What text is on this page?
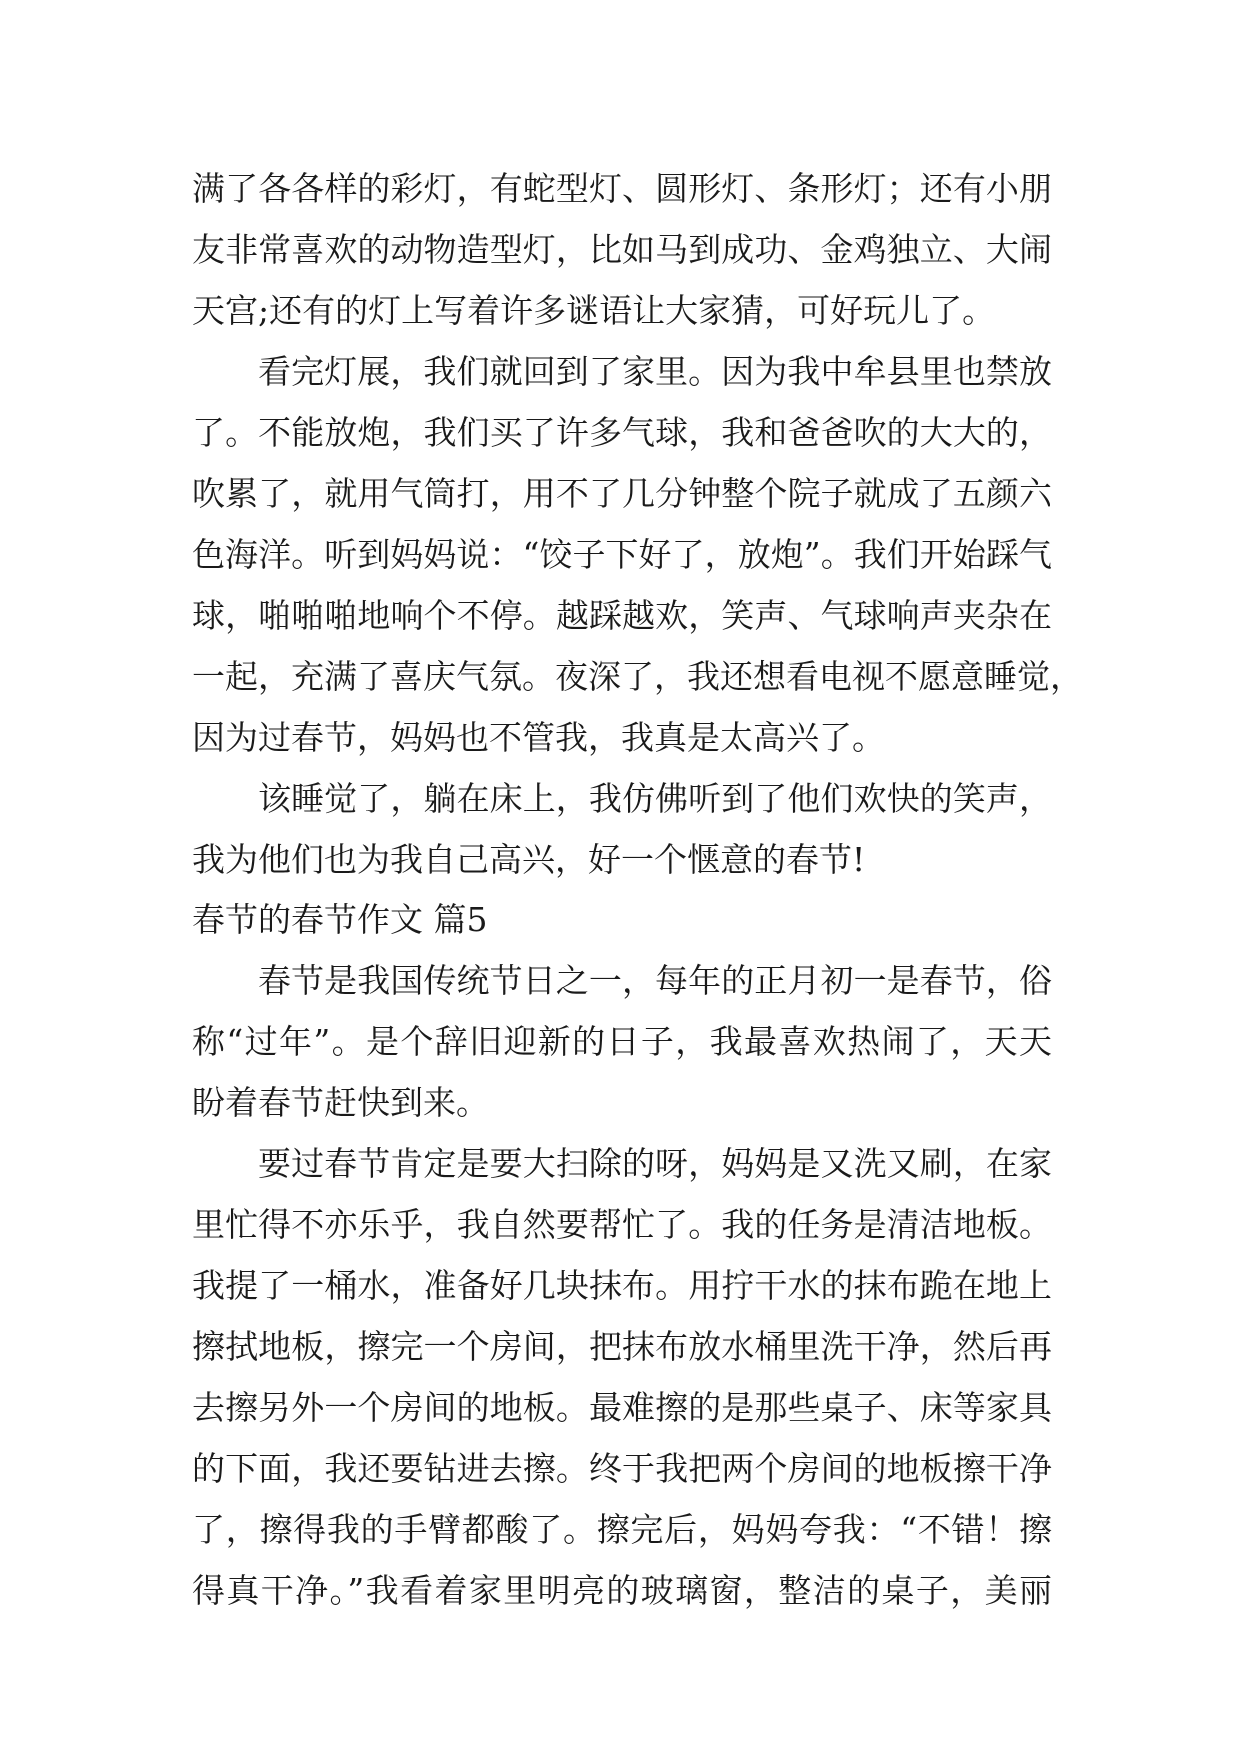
满了各各样的彩灯，有蛇型灯、圆形灯、条形灯；还有小朋
友非常喜欢的动物造型灯，比如马到成功、金鸡独立、大闹
天宫;还有的灯上写着许多谜语让大家猜，可好玩儿了。
看完灯展，我们就回到了家里。因为我中牟县里也禁放
了。不能放炮，我们买了许多气球，我和爸爸吹的大大的，
吹累了，就用气筒打，用不了几分钟整个院子就成了五颜六
色海洋。听到妈妈说：“饺子下好了，放炮”。我们开始踩气
球，啪啪啪地响个不停。越踩越欢，笑声、气球响声夹杂在
一起，充满了喜庆气氛。夜深了，我还想看电视不愿意睡觉，
因为过春节，妈妈也不管我，我真是太高兴了。
该睡觉了，躺在床上，我仿佛听到了他们欢快的笑声，
我为他们也为我自己高兴，好一个惬意的春节!
春节的春节作文 篇5
春节是我国传统节日之一，每年的正月初一是春节，俗
称“过年”。是个辞旧迎新的日子，我最喜欢热闹了，天天
盼着春节赶快到来。
要过春节肯定是要大扫除的呀，妈妈是又洗又刷，在家
里忙得不亦乐乎，我自然要帮忙了。我的任务是清洁地板。
我提了一桶水，准备好几块抹布。用拧干水的抹布跪在地上
擦拭地板，擦完一个房间，把抹布放水桶里洗干净，然后再
去擦另外一个房间的地板。最难擦的是那些桌子、床等家具
的下面，我还要钻进去擦。终于我把两个房间的地板擦干净
了，擦得我的手臂都酸了。擦完后，妈妈夸我：“不错！擦
得真干净。”我看着家里明亮的玻璃窗，整洁的桌子，美丽
